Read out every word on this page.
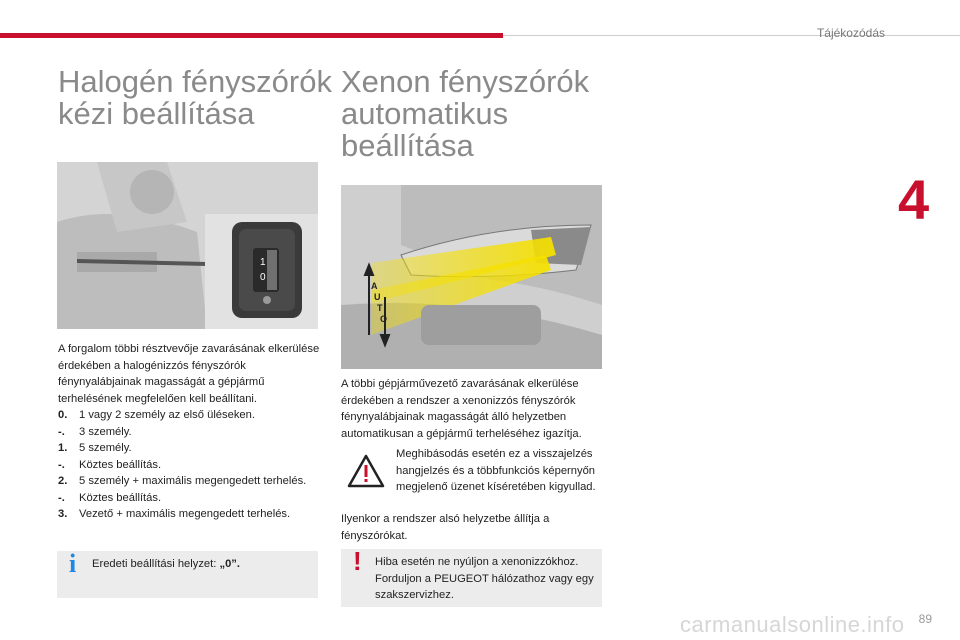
Tájékozódás
4
Halogén fényszórók
kézi beállítása
1
0

A forgalom többi résztvevője zavarásának elkerülése érdekében a halogénizzós fényszórók fénynyalábjainak magasságát a gépjármű terhelésének megfelelően kell beállítani.

0.	1 vagy 2 személy az első üléseken.
-.	3 személy.
1.	5 személy.
-.	Köztes beállítás.
2.	5 személy + maximális megengedett terhelés.
-.	Köztes beállítás.
3.	Vezető + maximális megengedett terhelés.
i Eredeti beállítási helyzet: „0”.
Xenon fényszórók
automatikus
beállítása
A
U
T
O
A többi gépjárművezető zavarásának elkerülése érdekében a rendszer a xenonizzós fényszórók fénynyalábjainak magasságát álló helyzetben automatikusan a gépjármű terheléséhez igazítja.
Meghibásodás esetén ez a visszajelzés hangjelzés és a többfunkciós képernyőn megjelenő üzenet kíséretében kigyullad.
Ilyenkor a rendszer alsó helyzetbe állítja a fényszórókat.
! Hiba esetén ne nyúljon a xenonizzókhoz. Forduljon a PEUGEOT hálózathoz vagy egy szakszervizhez.
carmanualsonline.info 89
